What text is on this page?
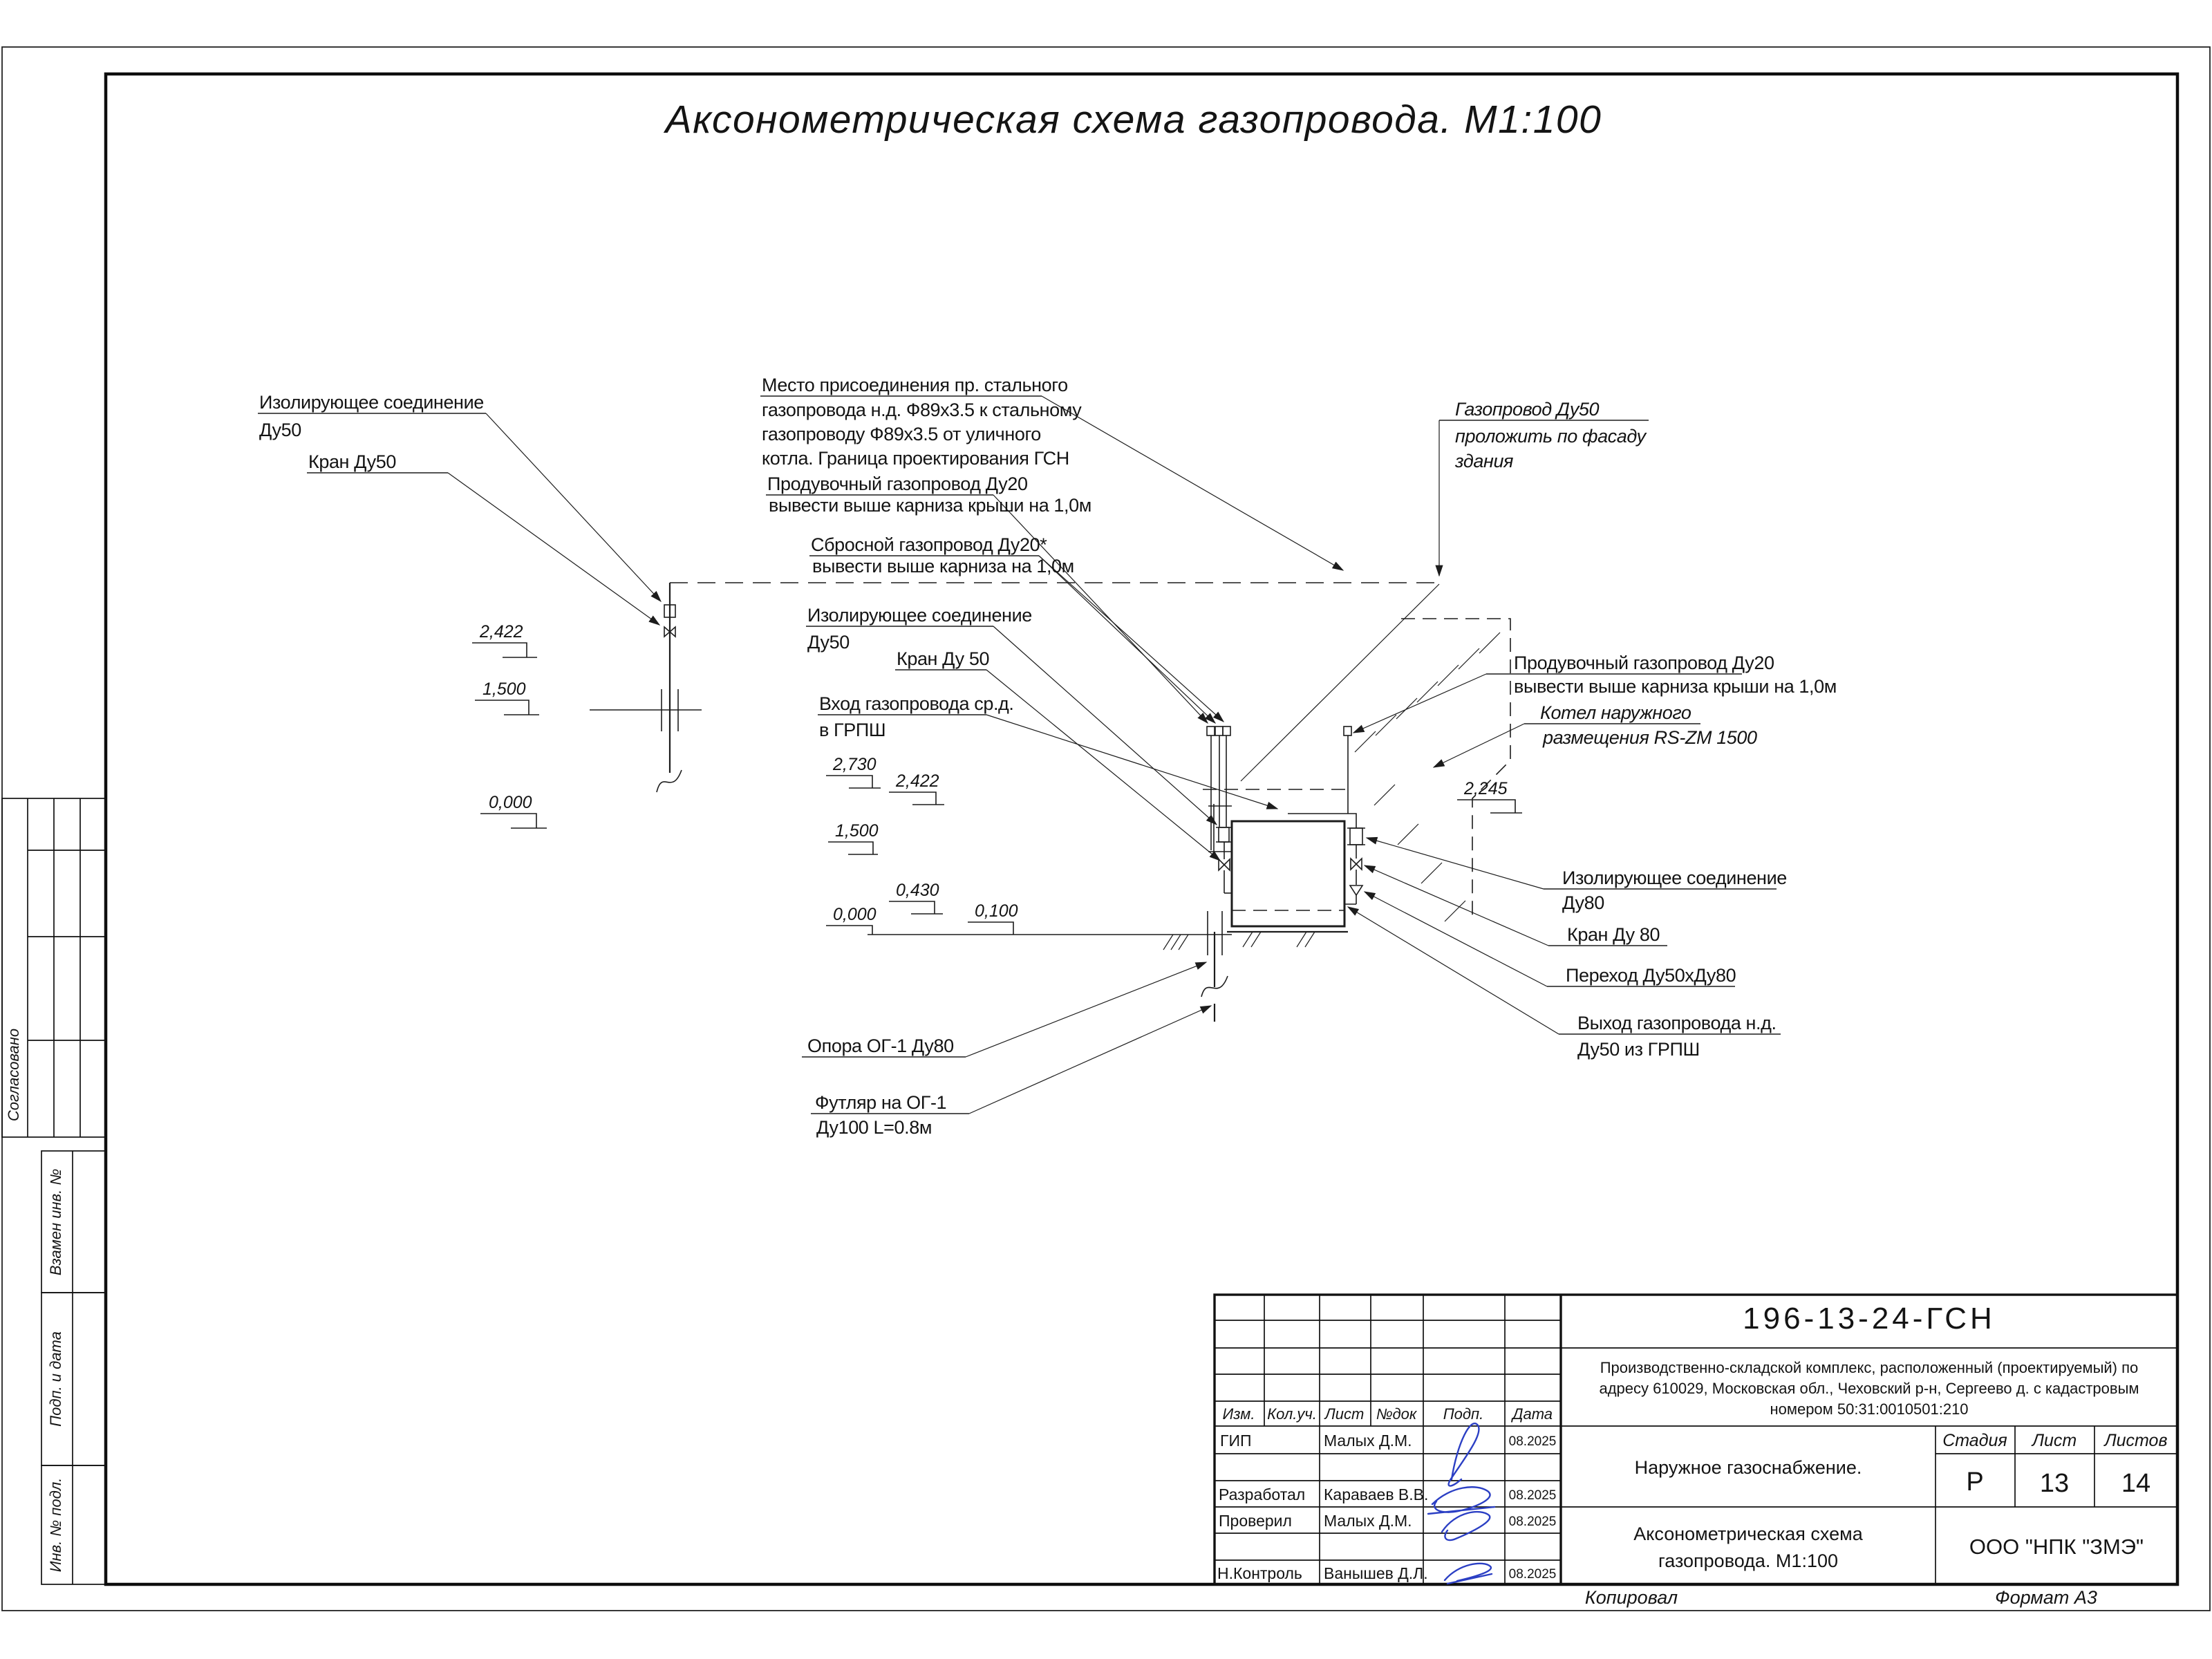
Аксонометрическая схема газопровода. М1:100
Согласовано
Взамен инв. №
Подп. и дата
Инв. № подл.
Изолирующее соединение
Ду50
Кран Ду50
Место присоединения пр. стального
газопровода н.д. Ф89х3.5 к стальному
газопроводу Ф89х3.5 от уличного
котла. Граница проектирования ГСН
Продувочный газопровод Ду20
вывести выше карниза крыши на 1,0м
Сбросной газопровод Ду20*
вывести выше карниза на 1,0м
Изолирующее соединение
Ду50
Кран Ду 50
Вход газопровода ср.д.
в ГРПШ
Газопровод Ду50
проложить по фасаду
здания
Продувочный газопровод Ду20
вывести выше карниза крыши на 1,0м
Котел наружного
размещения RS-ZM 1500
Изолирующее соединение
Ду80
Кран Ду 80
Переход Ду50хДу80
Выход газопровода н.д.
Ду50 из ГРПШ
Опора ОГ-1 Ду80
Футляр на ОГ-1
Ду100 L=0.8м
2,422
1,500
0,000
2,730
2,422
1,500
0,430
0,000	0,100
2,245
Изм. Кол.уч. Лист №док Подп. Дата
ГИП	Малых Д.М.	08.2025
Разработал Караваев В.В.	08.2025
Проверил Малых Д.М.	08.2025
Н.Контроль Ванышев Д.Л.	08.2025
196-13-24-ГСН
Производственно-складской комплекс, расположенный (проектируемый) по
адресу 610029, Московская обл., Чеховский р-н, Сергеево д. с кадастровым
номером 50:31:0010501:210
Наружное газоснабжение.
Стадия Лист Листов
Р 13 14
Аксонометрическая схема
газопровода. М1:100
ООО "НПК "ЗМЭ"
Копировал	Формат А3
